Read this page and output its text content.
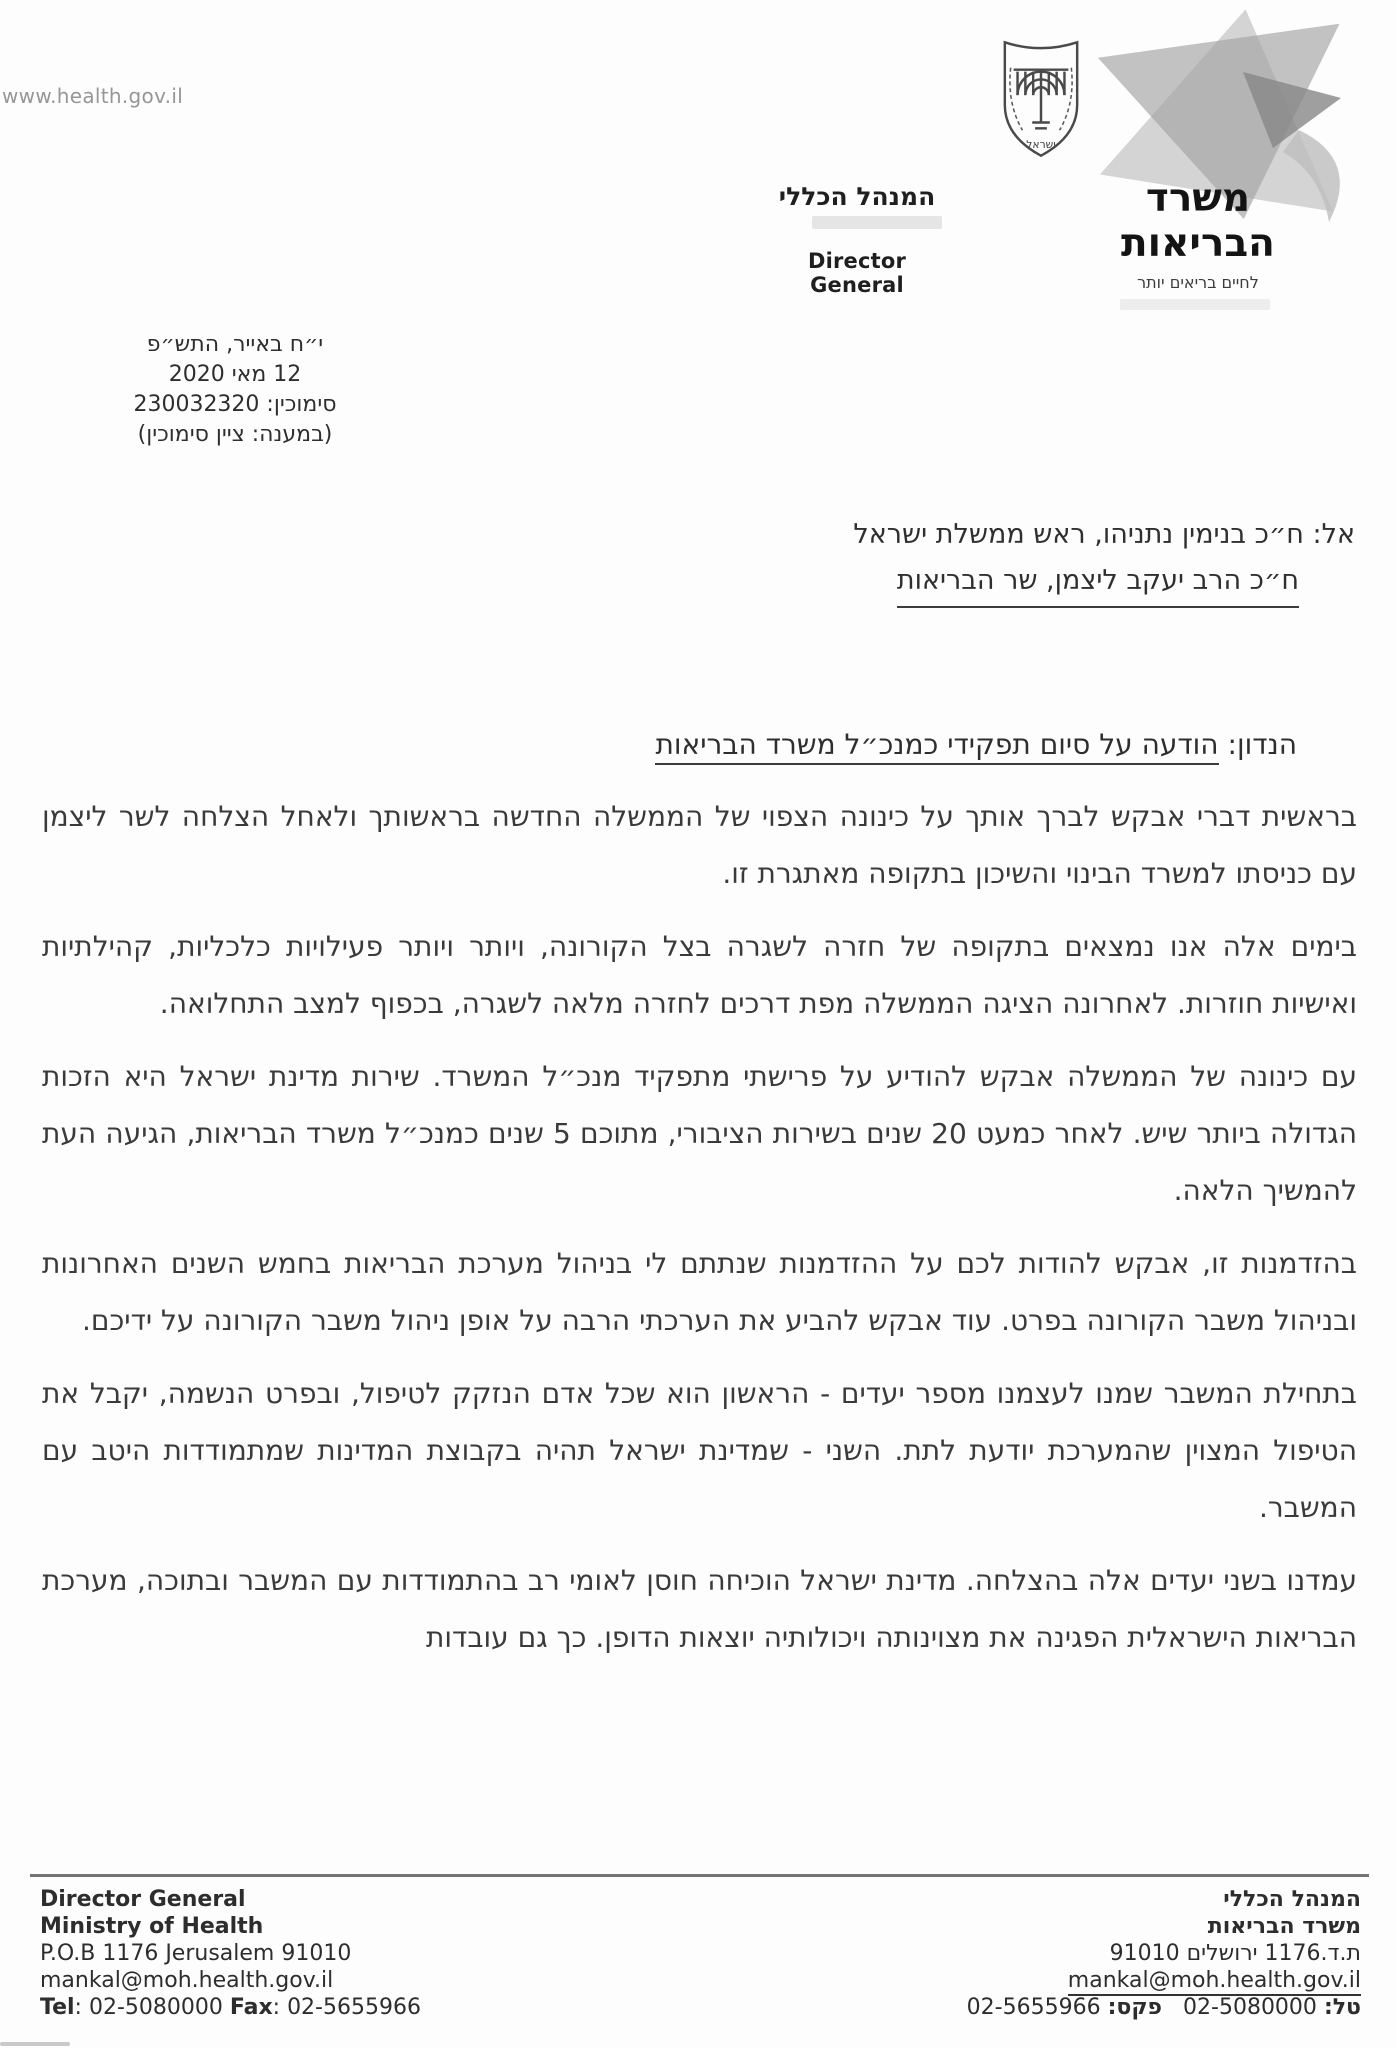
www.health.gov.il
המנהל הכללי
Director General
ישראל
משרד
הבריאות
לחיים בריאים יותר
י״ח באייר, התש״פ
12 מאי 2020
סימוכין: 230032320
(במענה: ציין סימוכין)
אל: ח״כ בנימין נתניהו, ראש ממשלת ישראל
ח״כ הרב יעקב ליצמן, שר הבריאות
הנדון: הודעה על סיום תפקידי כמנכ״ל משרד הבריאות

בראשית דברי אבקש לברך אותך על כינונה הצפוי של הממשלה החדשה בראשותך ולאחל הצלחה לשר ליצמן עם כניסתו למשרד הבינוי והשיכון בתקופה מאתגרת זו.

בימים אלה אנו נמצאים בתקופה של חזרה לשגרה בצל הקורונה, ויותר ויותר פעילויות כלכליות, קהילתיות ואישיות חוזרות. לאחרונה הציגה הממשלה מפת דרכים לחזרה מלאה לשגרה, בכפוף למצב התחלואה.

עם כינונה של הממשלה אבקש להודיע על פרישתי מתפקיד מנכ״ל המשרד. שירות מדינת ישראל היא הזכות הגדולה ביותר שיש. לאחר כמעט 20 שנים בשירות הציבורי, מתוכם 5 שנים כמנכ״ל משרד הבריאות, הגיעה העת להמשיך הלאה.

בהזדמנות זו, אבקש להודות לכם על ההזדמנות שנתתם לי בניהול מערכת הבריאות בחמש השנים האחרונות ובניהול משבר הקורונה בפרט. עוד אבקש להביע את הערכתי הרבה על אופן ניהול משבר הקורונה על ידיכם.

בתחילת המשבר שמנו לעצמנו מספר יעדים - הראשון הוא שכל אדם הנזקק לטיפול, ובפרט הנשמה, יקבל את הטיפול המצוין שהמערכת יודעת לתת. השני - שמדינת ישראל תהיה בקבוצת המדינות שמתמודדות היטב עם המשבר.

עמדנו בשני יעדים אלה בהצלחה. מדינת ישראל הוכיחה חוסן לאומי רב בהתמודדות עם המשבר ובתוכה, מערכת הבריאות הישראלית הפגינה את מצוינותה ויכולותיה יוצאות הדופן. כך גם עובדות

Director General
Ministry of Health
P.O.B 1176 Jerusalem 91010
mankal@moh.health.gov.il
Tel: 02-5080000 Fax: 02-5655966
המנהל הכללי
משרד הבריאות
ת.ד.1176 ירושלים 91010
mankal@moh.health.gov.il
טל: 02-5080000 פקס: 02-5655966
